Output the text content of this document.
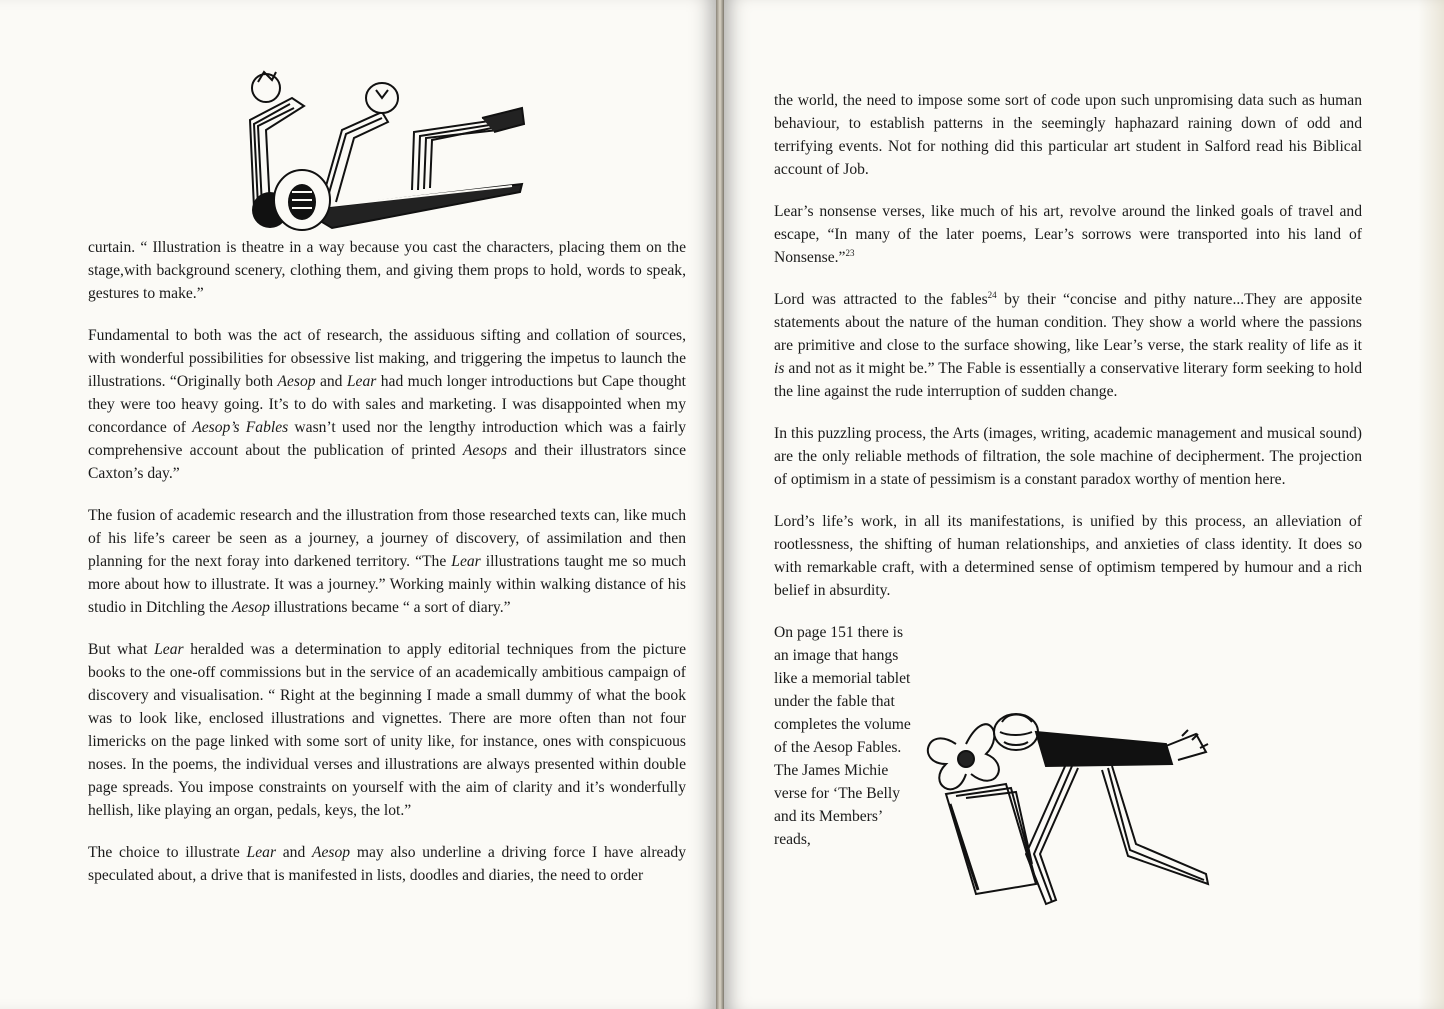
curtain. “ Illustration is theatre in a way because you cast the characters, placing them on the stage,with background scenery, clothing them, and giving them props to hold, words to speak, gestures to make.”

Fundamental to both was the act of research, the assiduous sifting and collation of sources, with wonderful possibilities for obsessive list making, and triggering the impetus to launch the illustrations. “Originally both Aesop and Lear had much longer introductions but Cape thought they were too heavy going. It’s to do with sales and marketing. I was disappointed when my concordance of Aesop’s Fables wasn’t used nor the lengthy introduction which was a fairly comprehensive account about the publication of printed Aesops and their illustrators since Caxton’s day.”

The fusion of academic research and the illustration from those researched texts can, like much of his life’s career be seen as a journey, a journey of discovery, of assimilation and then planning for the next foray into darkened territory. “The Lear illustrations taught me so much more about how to illustrate. It was a journey.” Working mainly within walking distance of his studio in Ditchling the Aesop illustrations became “ a sort of diary.”

But what Lear heralded was a determination to apply editorial techniques from the picture books to the one-off commissions but in the service of an academically ambitious campaign of discovery and visualisation. “ Right at the beginning I made a small dummy of what the book was to look like, enclosed illustrations and vignettes. There are more often than not four limericks on the page linked with some sort of unity like, for instance, ones with conspicuous noses. In the poems, the individual verses and illustrations are always presented within double page spreads. You impose constraints on yourself with the aim of clarity and it’s wonderfully hellish, like playing an organ, pedals, keys, the lot.”

The choice to illustrate Lear and Aesop may also underline a driving force I have already speculated about, a drive that is manifested in lists, doodles and diaries, the need to order

the world, the need to impose some sort of code upon such unpromising data such as human behaviour, to establish patterns in the seemingly haphazard raining down of odd and terrifying events. Not for nothing did this particular art student in Salford read his Biblical account of Job.

Lear’s nonsense verses, like much of his art, revolve around the linked goals of travel and escape, “In many of the later poems, Lear’s sorrows were transported into his land of Nonsense.”$^{23}$

Lord was attracted to the fables$^{24}$ by their “concise and pithy nature...They are apposite statements about the nature of the human condition. They show a world where the passions are primitive and close to the surface showing, like Lear’s verse, the stark reality of life as it is and not as it might be.” The Fable is essentially a conservative literary form seeking to hold the line against the rude interruption of sudden change.

In this puzzling process, the Arts (images, writing, academic management and musical sound) are the only reliable methods of filtration, the sole machine of decipherment. The projection of optimism in a state of pessimism is a constant paradox worthy of mention here.

Lord’s life’s work, in all its manifestations, is unified by this process, an alleviation of rootlessness, the shifting of human relationships, and anxieties of class identity. It does so with remarkable craft, with a determined sense of optimism tempered by humour and a rich belief in absurdity.

On page 151 there is an image that hangs like a memorial tablet under the fable that completes the volume of the Aesop Fables. The James Michie verse for ‘The Belly and its Members’ reads,
